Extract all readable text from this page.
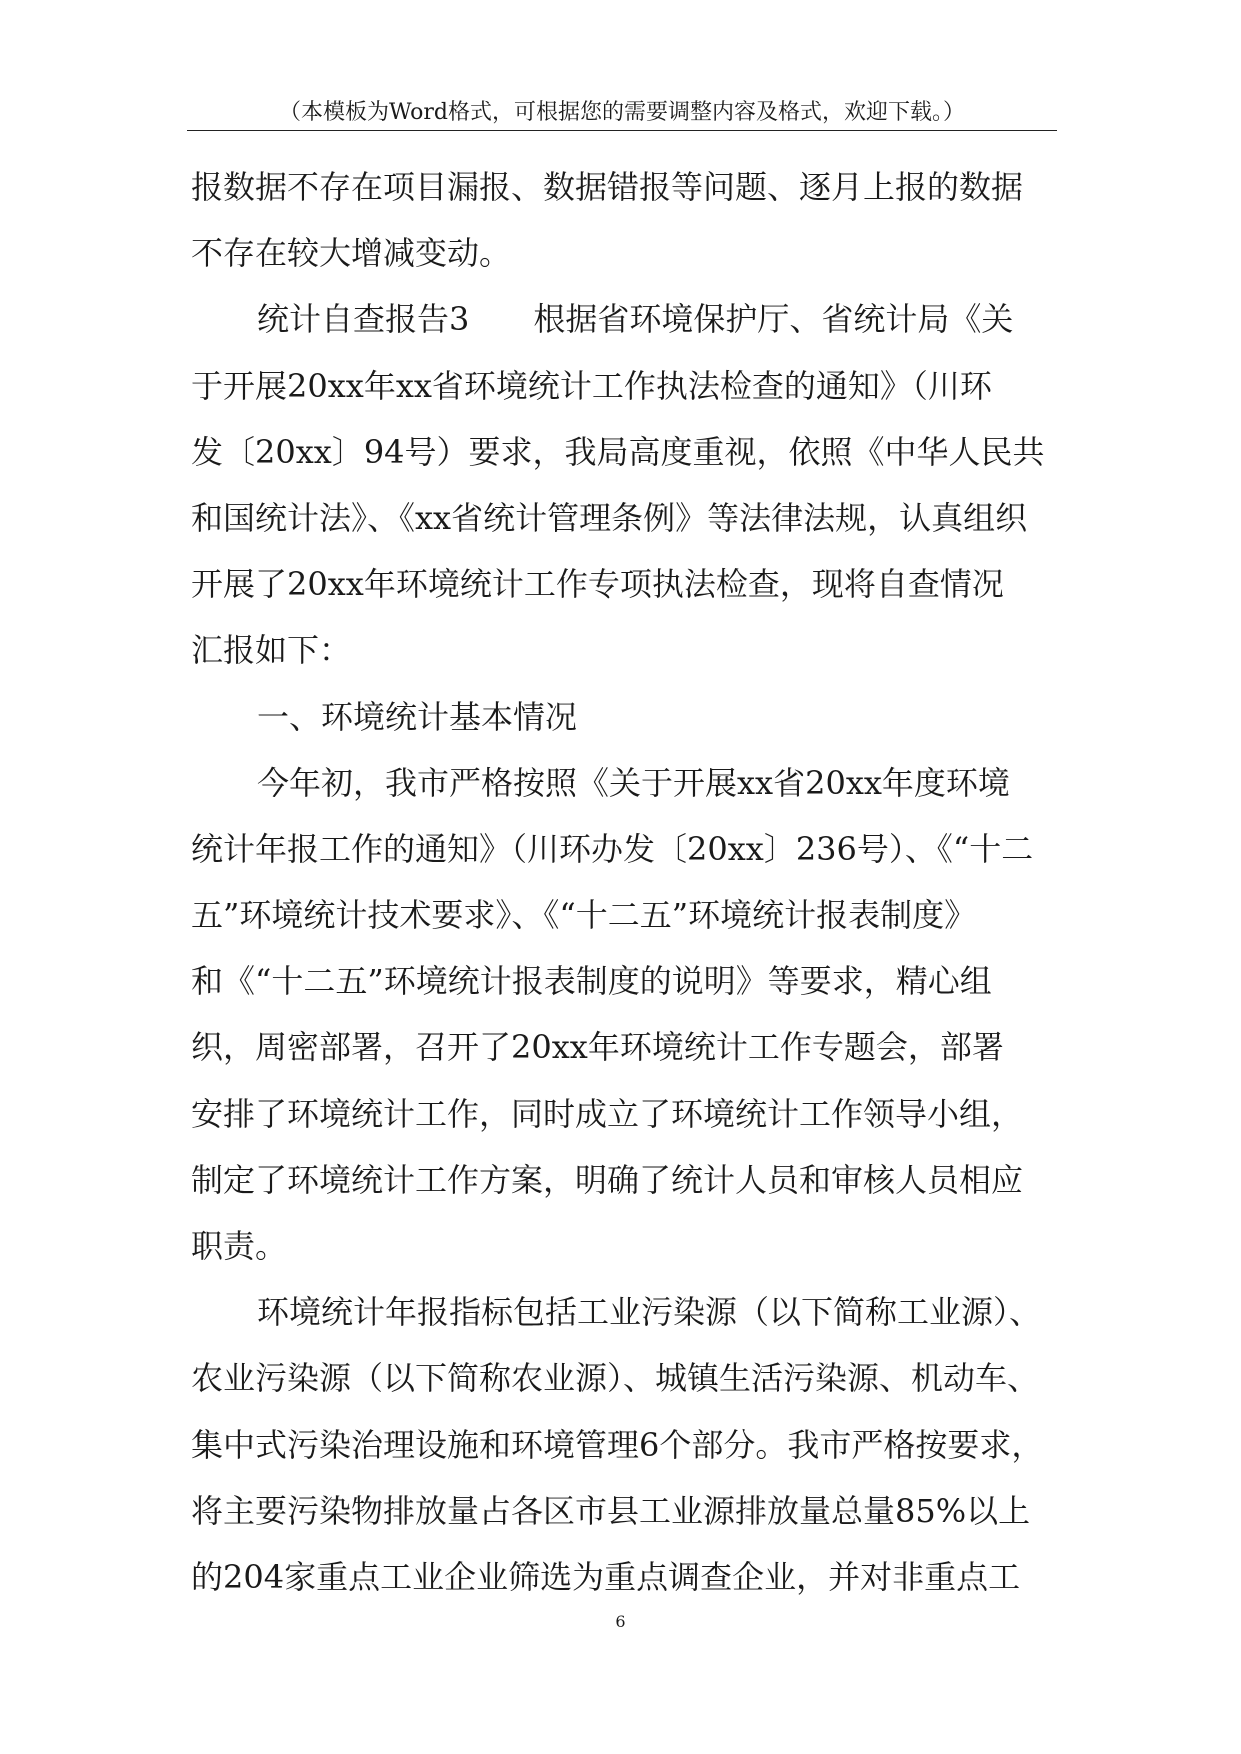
（本模板为Word格式，可根据您的需要调整内容及格式，欢迎下载。）
报数据不存在项目漏报、数据错报等问题、逐月上报的数据
不存在较大增减变动。
统计自查报告3　　根据省环境保护厅、省统计局《关
于开展20xx年xx省环境统计工作执法检查的通知》（川环
发〔20xx〕94号）要求，我局高度重视，依照《中华人民共
和国统计法》、《xx省统计管理条例》等法律法规，认真组织
开展了20xx年环境统计工作专项执法检查，现将自查情况
汇报如下：
一、环境统计基本情况
今年初，我市严格按照《关于开展xx省20xx年度环境
统计年报工作的通知》（川环办发〔20xx〕236号）、《“十二
五”环境统计技术要求》、《“十二五”环境统计报表制度》
和《“十二五”环境统计报表制度的说明》等要求，精心组
织，周密部署，召开了20xx年环境统计工作专题会，部署
安排了环境统计工作，同时成立了环境统计工作领导小组，
制定了环境统计工作方案，明确了统计人员和审核人员相应
职责。
环境统计年报指标包括工业污染源（以下简称工业源）、
农业污染源（以下简称农业源）、城镇生活污染源、机动车、
集中式污染治理设施和环境管理6个部分。我市严格按要求，
将主要污染物排放量占各区市县工业源排放量总量85%以上
的204家重点工业企业筛选为重点调查企业，并对非重点工
6
